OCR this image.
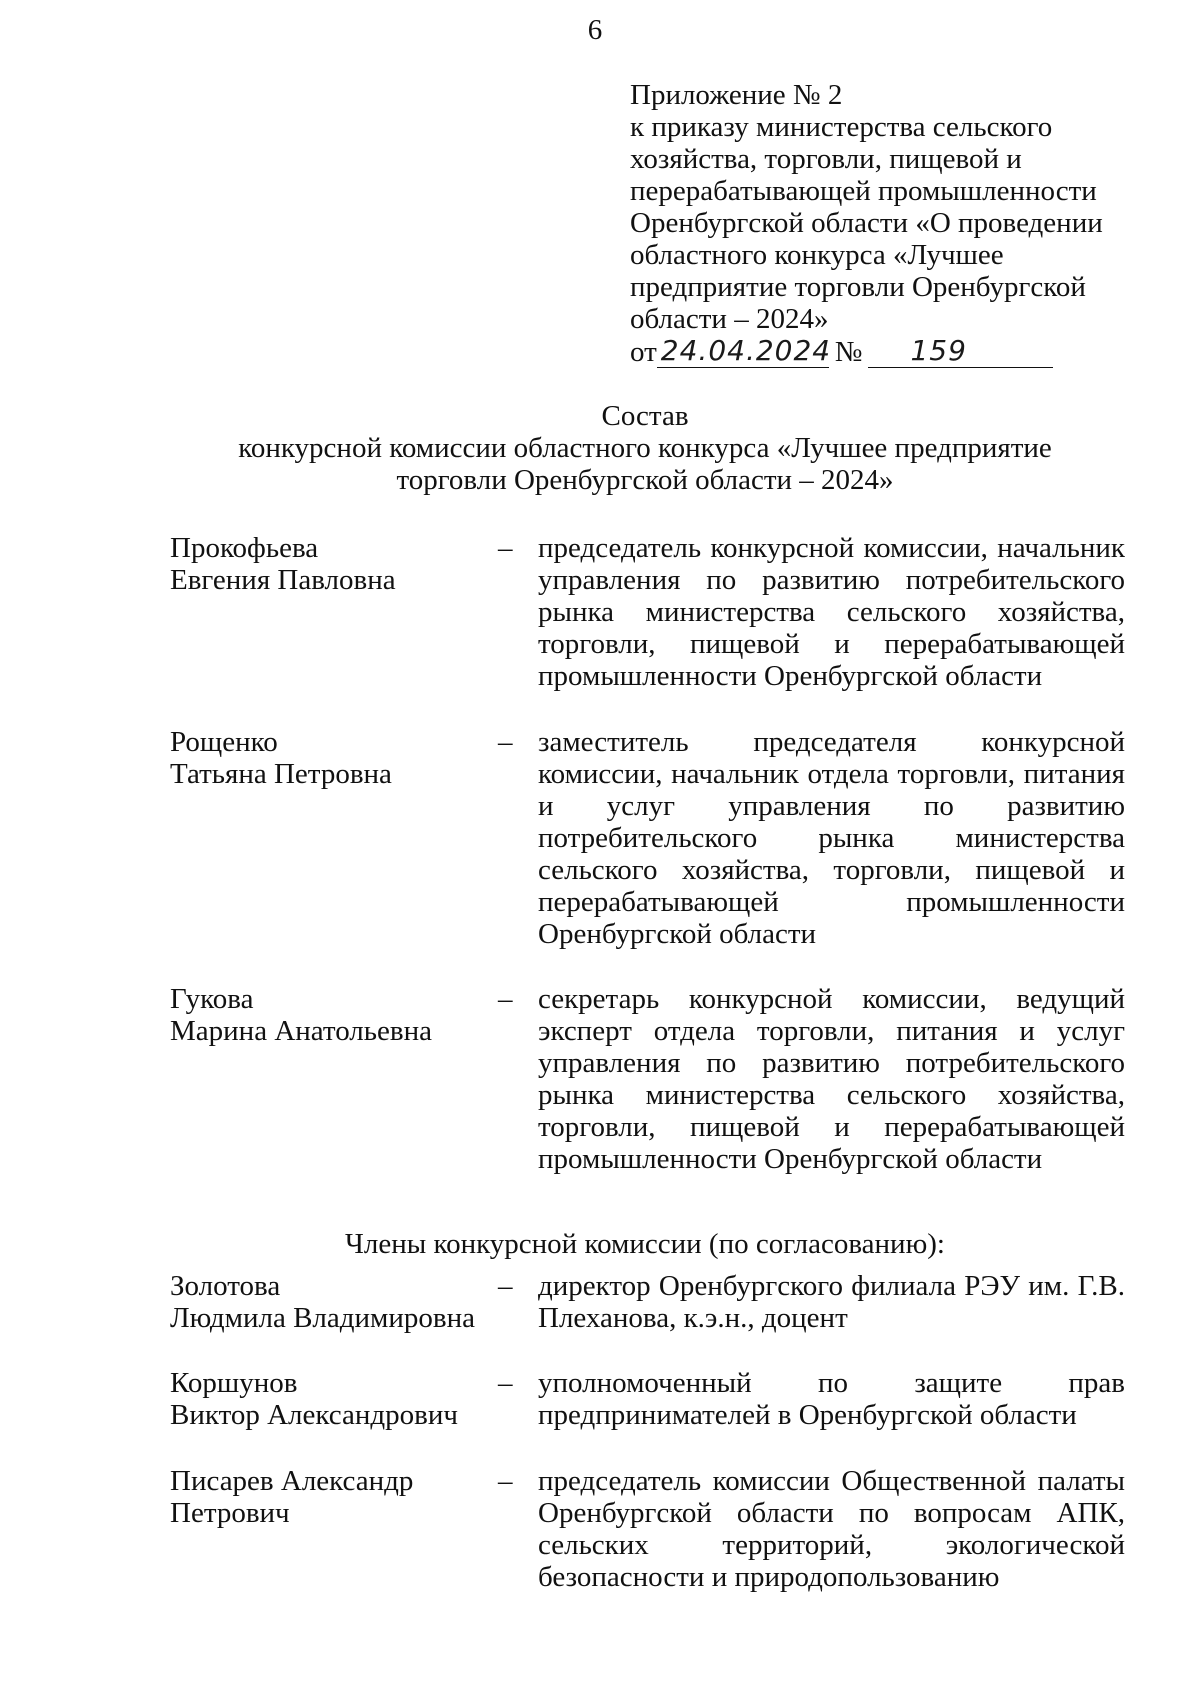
6
Приложение № 2
к приказу министерства сельского
хозяйства, торговли, пищевой и
перерабатывающей промышленности
Оренбургской области «О проведении
областного конкурса «Лучшее
предприятие торговли Оренбургской
области – 2024»
от 24.04.2024 №	159
Состав
конкурсной комиссии областного конкурса «Лучшее предприятие
торговли Оренбургской области – 2024»
Прокофьева
Евгения Павловна
– председатель конкурсной комиссии, начальник управления по развитию потребительского рынка министерства сельского хозяйства, торговли, пищевой и перерабатывающей промышленности Оренбургской области
Рощенко
Татьяна Петровна
– заместитель председателя конкурсной комиссии, начальник отдела торговли, питания и услуг управления по развитию потребительского рынка министерства сельского хозяйства, торговли, пищевой и перерабатывающей промышленности Оренбургской области
Гукова
Марина Анатольевна
– секретарь конкурсной комиссии, ведущий эксперт отдела торговли, питания и услуг управления по развитию потребительского рынка министерства сельского хозяйства, торговли, пищевой и перерабатывающей промышленности Оренбургской области
Члены конкурсной комиссии (по согласованию):
Золотова
Людмила Владимировна
– директор Оренбургского филиала РЭУ им. Г.В. Плеханова, к.э.н., доцент
Коршунов
Виктор Александрович
– уполномоченный по защите прав предпринимателей в Оренбургской области
Писарев Александр
Петрович
– председатель комиссии Общественной палаты Оренбургской области по вопросам АПК, сельских территорий, экологической безопасности и природопользованию
